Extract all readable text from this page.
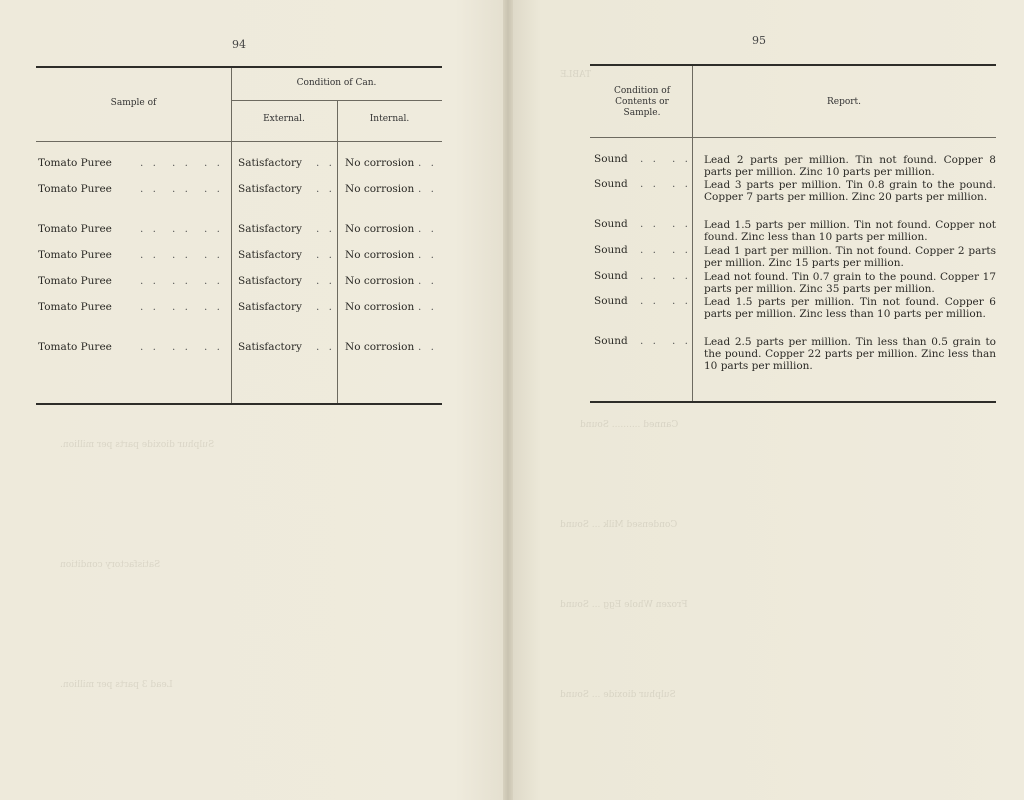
TABLE
Canned .......... Sound
Condensed Milk ... Sound
Frozen Whole Egg ... Sound
Sulphur dioxide ... Sound
Sulphur dioxide parts per million.
Satisfactory condition
Lead 3 parts per million.
94
Sample of
Condition of Can.
External.	Internal.
Tomato Puree	. . . . . . Satisfactory . . No corrosion . .
Tomato Puree	. . . . . . Satisfactory . . No corrosion . .
Tomato Puree	. . . . . . Satisfactory . . No corrosion . .
Tomato Puree	. . . . . . Satisfactory . . No corrosion . .
Tomato Puree	. . . . . . Satisfactory . . No corrosion . .
Tomato Puree	. . . . . . Satisfactory . . No corrosion . .
Tomato Puree	. . . . . . Satisfactory . . No corrosion . .
95
Condition of Contents or Sample.
Report.
Sound . . . . Lead 2 parts per million. Tin not found. Copper 8 parts per million. Zinc 10 parts per million.
Sound . . . . Lead 3 parts per million. Tin 0.8 grain to the pound. Copper 7 parts per million. Zinc 20 parts per million.
Sound . . . . Lead 1.5 parts per million. Tin not found. Copper not found. Zinc less than 10 parts per million.
Sound . . . . Lead 1 part per million. Tin not found. Copper 2 parts per million. Zinc 15 parts per million.
Sound . . . . Lead not found. Tin 0.7 grain to the pound. Copper 17 parts per million. Zinc 35 parts per million.
Sound . . . . Lead 1.5 parts per million. Tin not found. Copper 6 parts per million. Zinc less than 10 parts per million.
Sound . . . . Lead 2.5 parts per million. Tin less than 0.5 grain to the pound. Copper 22 parts per million. Zinc less than 10 parts per million.
